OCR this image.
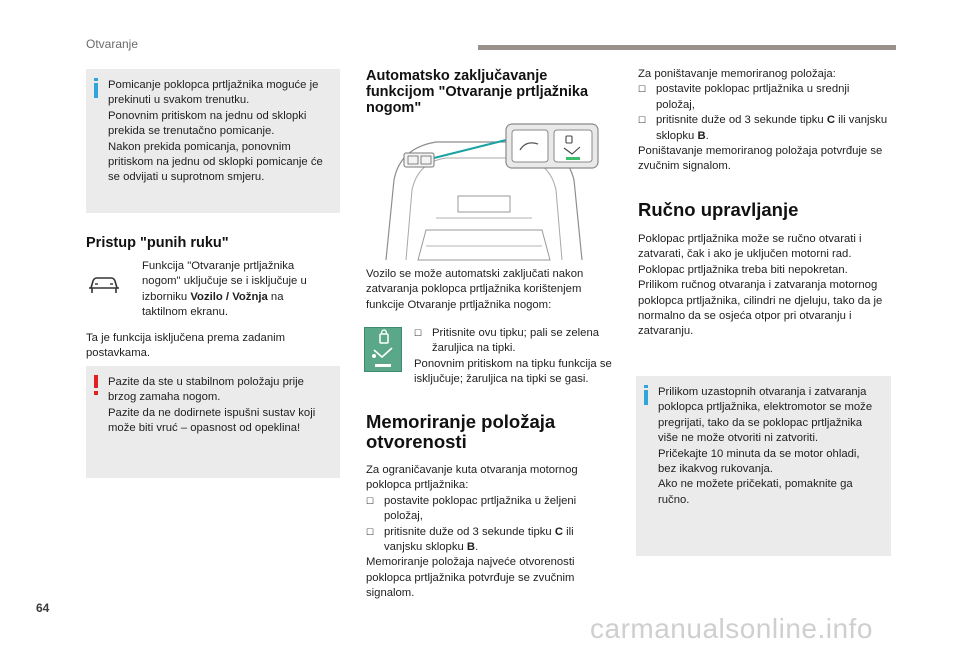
Otvaranje

Pomicanje poklopca prtljažnika moguće je prekinuti u svakom trenutku.

Ponovnim pritiskom na jednu od sklopki prekida se trenutačno pomicanje.

Nakon prekida pomicanja, ponovnim pritiskom na jednu od sklopki pomicanje će se odvijati u suprotnom smjeru.

Pristup "punih ruku"
Funkcija "Otvaranje prtljažnika nogom" uključuje se i isključuje u izborniku Vozilo / Vožnja na taktilnom ekranu.
Ta je funkcija isključena prema zadanim postavkama.

Pazite da ste u stabilnom položaju prije brzog zamaha nogom.

Pazite da ne dodirnete ispušni sustav koji može biti vruć – opasnost od opeklina!

Automatsko zaključavanje funkcijom "Otvaranje prtljažnika nogom"
Vozilo se može automatski zaključati nakon zatvaranja poklopca prtljažnika korištenjem funkcije Otvaranje prtljažnika nogom:
☐ Pritisnite ovu tipku; pali se zelena žaruljica na tipki.
Ponovnim pritiskom na tipku funkcija se isključuje; žaruljica na tipki se gasi.
Memoriranje položaja otvorenosti

Za ograničavanje kuta otvaranja motornog poklopca prtljažnika:

☐ postavite poklopac prtljažnika u željeni položaj,
☐ pritisnite duže od 3 sekunde tipku C ili vanjsku sklopku B.

Memoriranje položaja najveće otvorenosti poklopca prtljažnika potvrđuje se zvučnim signalom.

Za poništavanje memoriranog položaja:

☐ postavite poklopac prtljažnika u srednji položaj,
☐ pritisnite duže od 3 sekunde tipku C ili vanjsku sklopku B.

Poništavanje memoriranog položaja potvrđuje se zvučnim signalom.

Ručno upravljanje
Poklopac prtljažnika može se ručno otvarati i zatvarati, čak i ako je uključen motorni rad. Poklopac prtljažnika treba biti nepokretan. Prilikom ručnog otvaranja i zatvaranja motornog poklopca prtljažnika, cilindri ne djeluju, tako da je normalno da se osjeća otpor pri otvaranju i zatvaranju.

Prilikom uzastopnih otvaranja i zatvaranja poklopca prtljažnika, elektromotor se može pregrijati, tako da se poklopac prtljažnika više ne može otvoriti ni zatvoriti.

Pričekajte 10 minuta da se motor ohladi, bez ikakvog rukovanja.

Ako ne možete pričekati, pomaknite ga ručno.

64
carmanualsonline.info
